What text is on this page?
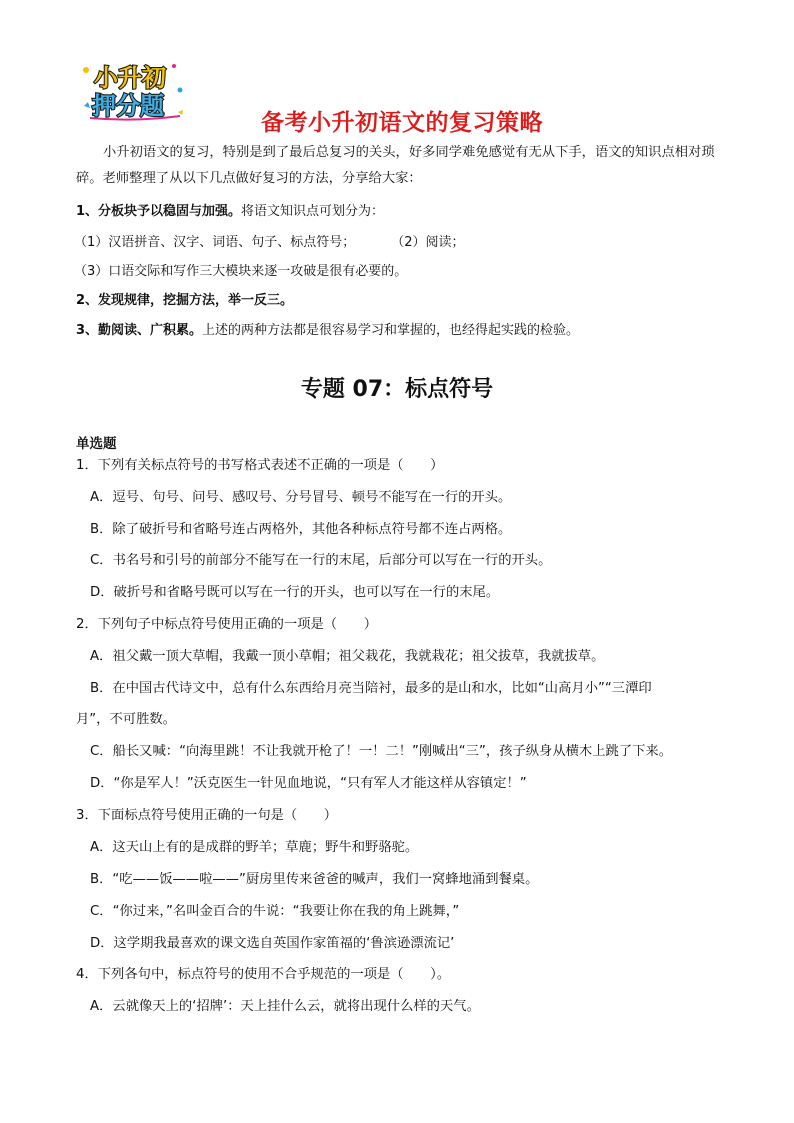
小升初
押分题
备考小升初语文的复习策略
小升初语文的复习，特别是到了最后总复习的关头，好多同学难免感觉有无从下手，语文的知识点相对琐碎。老师整理了从以下几点做好复习的方法，分享给大家：
1、分板块予以稳固与加强。将语文知识点可划分为：
（1）汉语拼音、汉字、词语、句子、标点符号；	（2）阅读；
（3）口语交际和写作三大模块来逐一攻破是很有必要的。
2、发现规律，挖掘方法，举一反三。
3、勤阅读、广积累。上述的两种方法都是很容易学习和掌握的，也经得起实践的检验。
专题 07：标点符号
单选题
1．下列有关标点符号的书写格式表述不正确的一项是（　　）
A．逗号、句号、问号、感叹号、分号冒号、顿号不能写在一行的开头。
B．除了破折号和省略号连占两格外，其他各种标点符号都不连占两格。
C．书名号和引号的前部分不能写在一行的末尾，后部分可以写在一行的开头。
D．破折号和省略号既可以写在一行的开头，也可以写在一行的末尾。
2．下列句子中标点符号使用正确的一项是（　　）
A．祖父戴一顶大草帽，我戴一顶小草帽；祖父栽花，我就栽花；祖父拔草，我就拔草。
B．在中国古代诗文中，总有什么东西给月亮当陪衬，最多的是山和水，比如“山高月小”“三潭印
月”，不可胜数。
C．船长又喊：“向海里跳！不让我就开枪了！一！二！”刚喊出“三”，孩子纵身从横木上跳了下来。
D．“你是军人！”沃克医生一针见血地说，“只有军人才能这样从容镇定！”
3．下面标点符号使用正确的一句是（　　）
A．这天山上有的是成群的野羊；草鹿；野牛和野骆驼。
B．“吃——饭——啦——”厨房里传来爸爸的喊声，我们一窝蜂地涌到餐桌。
C．“你过来，”名叫金百合的牛说：“我要让你在我的角上跳舞，”
D．这学期我最喜欢的课文选自英国作家笛福的‘鲁滨逊漂流记’
4．下列各句中，标点符号的使用不合乎规范的一项是（　　）。
A．云就像天上的‘招牌’：天上挂什么云，就将出现什么样的天气。
